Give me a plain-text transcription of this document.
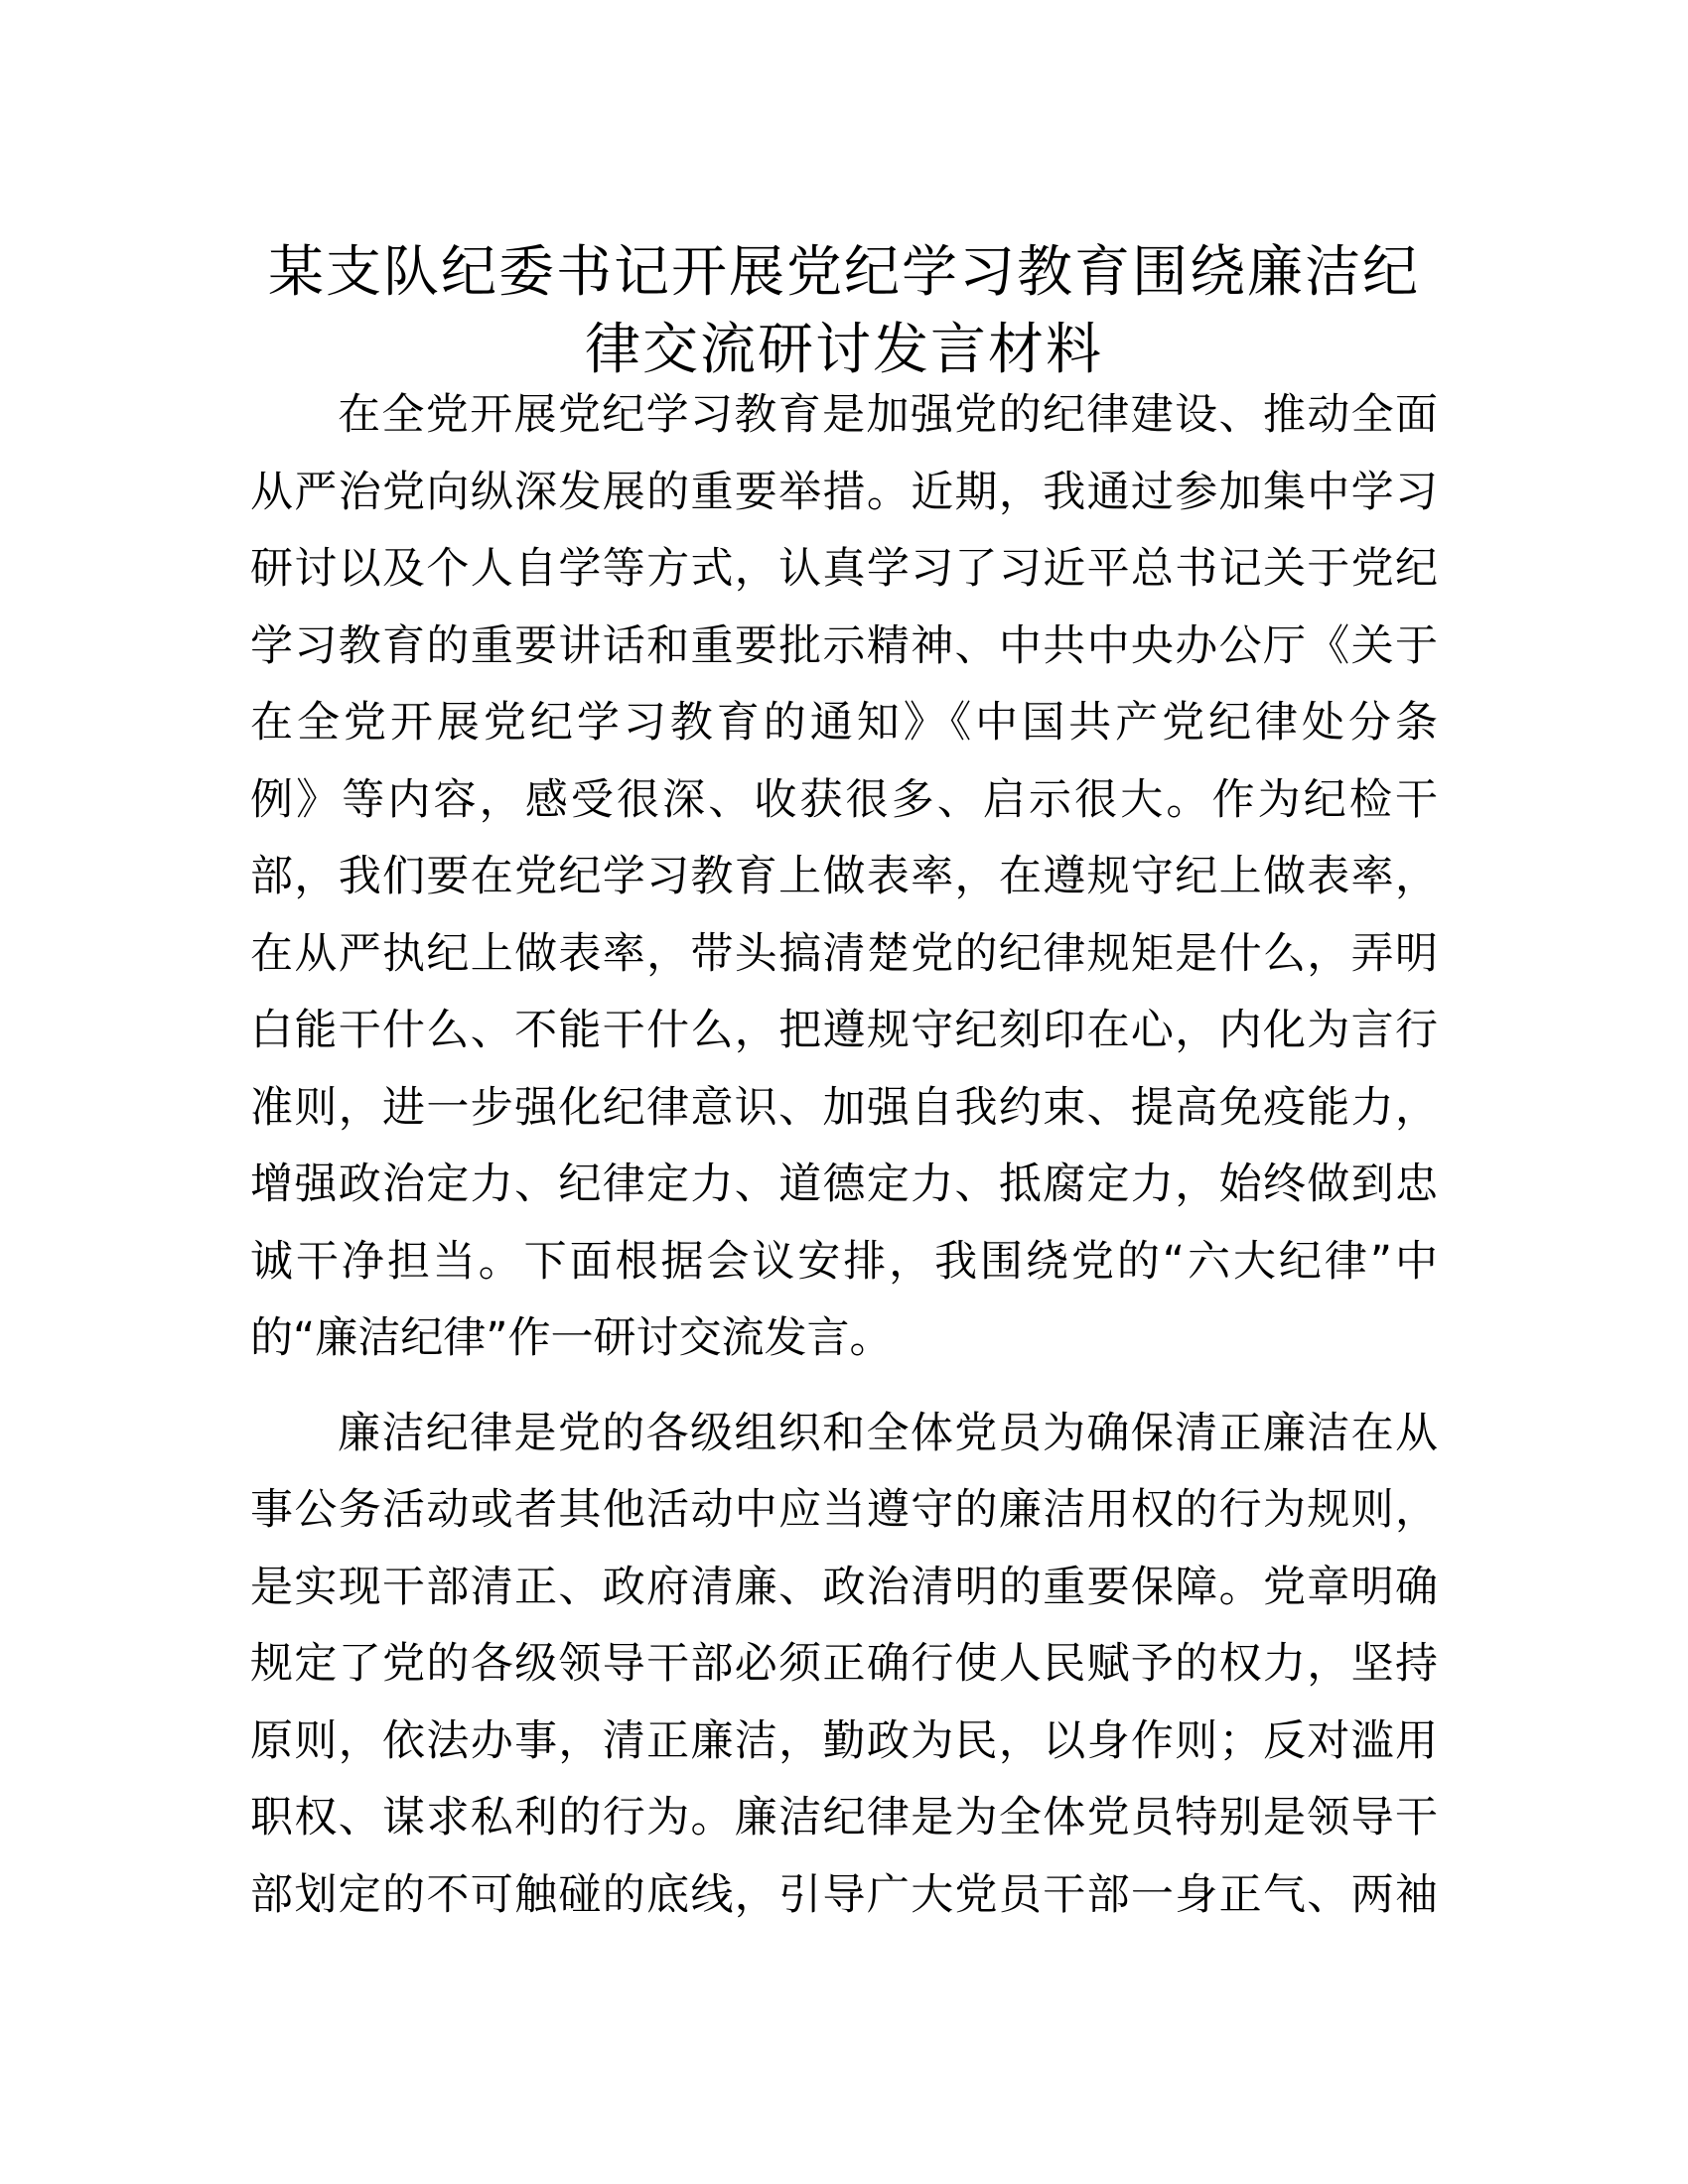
某支队纪委书记开展党纪学习教育围绕廉洁纪
律交流研讨发言材料
在全党开展党纪学习教育是加强党的纪律建设、推动全面
从严治党向纵深发展的重要举措。近期，我通过参加集中学习
研讨以及个人自学等方式，认真学习了习近平总书记关于党纪
学习教育的重要讲话和重要批示精神、中共中央办公厅《关于
在全党开展党纪学习教育的通知》《中国共产党纪律处分条
例》等内容，感受很深、收获很多、启示很大。作为纪检干
部，我们要在党纪学习教育上做表率，在遵规守纪上做表率，
在从严执纪上做表率，带头搞清楚党的纪律规矩是什么，弄明
白能干什么、不能干什么，把遵规守纪刻印在心，内化为言行
准则，进一步强化纪律意识、加强自我约束、提高免疫能力，
增强政治定力、纪律定力、道德定力、抵腐定力，始终做到忠
诚干净担当。下面根据会议安排，我围绕党的“六大纪律”中
的“廉洁纪律”作一研讨交流发言。
廉洁纪律是党的各级组织和全体党员为确保清正廉洁在从
事公务活动或者其他活动中应当遵守的廉洁用权的行为规则，
是实现干部清正、政府清廉、政治清明的重要保障。党章明确
规定了党的各级领导干部必须正确行使人民赋予的权力，坚持
原则，依法办事，清正廉洁，勤政为民，以身作则；反对滥用
职权、谋求私利的行为。廉洁纪律是为全体党员特别是领导干
部划定的不可触碰的底线，引导广大党员干部一身正气、两袖
